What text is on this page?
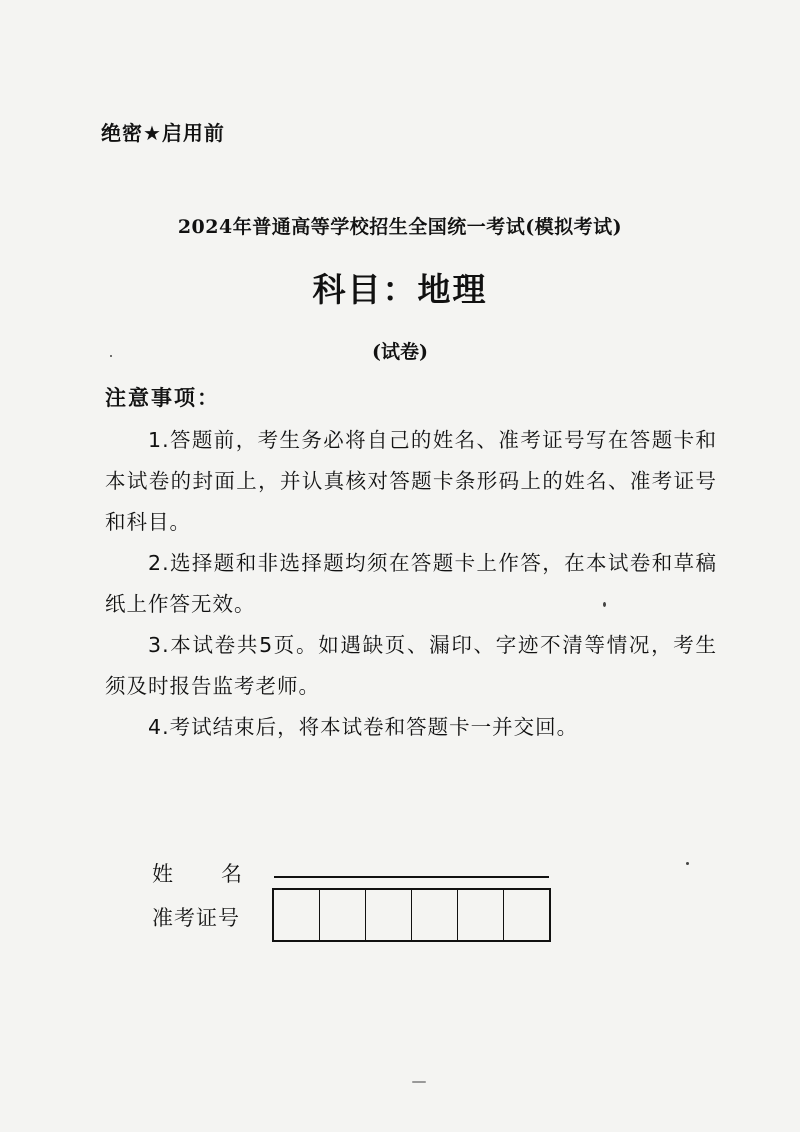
绝密★启用前
2024年普通高等学校招生全国统一考试(模拟考试)
科目：地理
(试卷)
注意事项：

1.答题前，考生务必将自己的姓名、准考证号写在答题卡和本试卷的封面上，并认真核对答题卡条形码上的姓名、准考证号和科目。

2.选择题和非选择题均须在答题卡上作答，在本试卷和草稿纸上作答无效。

3.本试卷共5页。如遇缺页、漏印、字迹不清等情况，考生须及时报告监考老师。

4.考试结束后，将本试卷和答题卡一并交回。

姓名
准考证号
